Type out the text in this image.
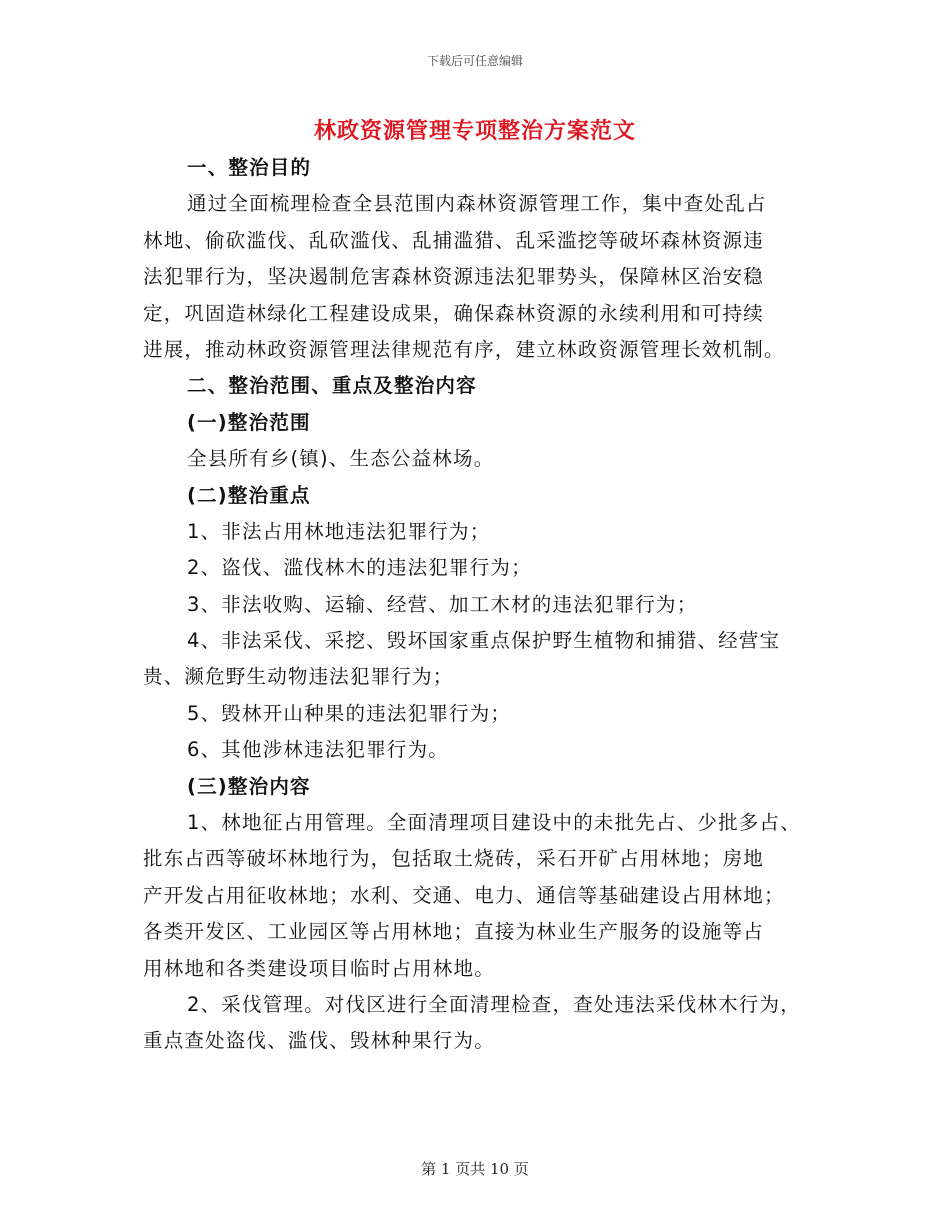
下载后可任意编辑
林政资源管理专项整治方案范文
一、整治目的
通过全面梳理检查全县范围内森林资源管理工作，集中查处乱占
林地、偷砍滥伐、乱砍滥伐、乱捕滥猎、乱采滥挖等破坏森林资源违
法犯罪行为，坚决遏制危害森林资源违法犯罪势头，保障林区治安稳
定，巩固造林绿化工程建设成果，确保森林资源的永续利用和可持续
进展，推动林政资源管理法律规范有序，建立林政资源管理长效机制。
二、整治范围、重点及整治内容
(一)整治范围
全县所有乡(镇)、生态公益林场。
(二)整治重点
1、非法占用林地违法犯罪行为；
2、盗伐、滥伐林木的违法犯罪行为；
3、非法收购、运输、经营、加工木材的违法犯罪行为；
4、非法采伐、采挖、毁坏国家重点保护野生植物和捕猎、经营宝
贵、濒危野生动物违法犯罪行为；
5、毁林开山种果的违法犯罪行为；
6、其他涉林违法犯罪行为。
(三)整治内容
1、林地征占用管理。全面清理项目建设中的未批先占、少批多占、
批东占西等破坏林地行为，包括取土烧砖，采石开矿占用林地；房地
产开发占用征收林地；水利、交通、电力、通信等基础建设占用林地；
各类开发区、工业园区等占用林地；直接为林业生产服务的设施等占
用林地和各类建设项目临时占用林地。
2、采伐管理。对伐区进行全面清理检查，查处违法采伐林木行为，
重点查处盗伐、滥伐、毁林种果行为。
第 1 页共 10 页
